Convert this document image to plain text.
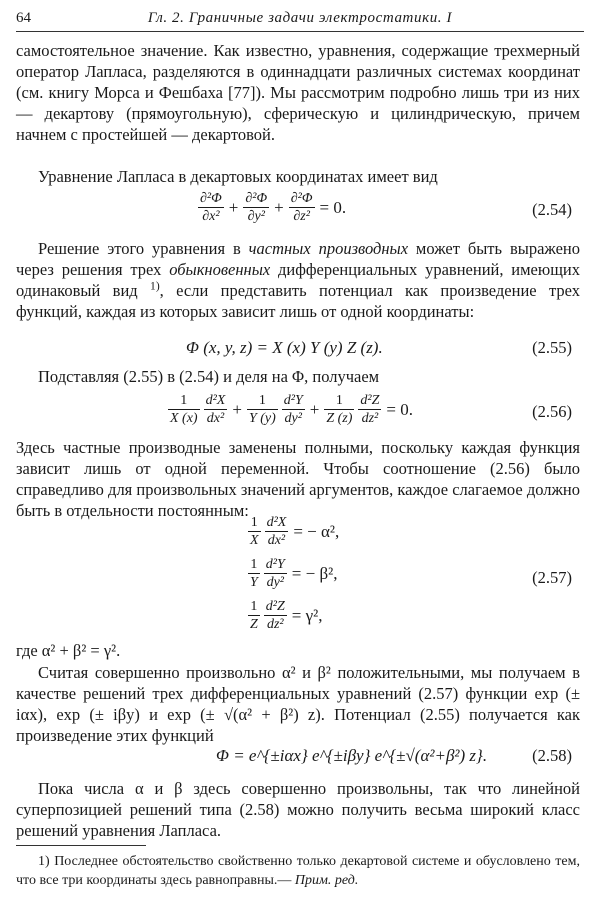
64	Гл. 2. Граничные задачи электростатики. I

самостоятельное значение. Как известно, уравнения, содержащие трехмерный оператор Лапласа, разделяются в одиннадцати различных системах координат (см. книгу Морса и Фешбаха [77]). Мы рассмотрим подробно лишь три из них — декартову (прямоугольную), сферическую и цилиндрическую, причем начнем с простейшей — декартовой.

Уравнение Лапласа в декартовых координатах имеет вид

$\frac{\text{∂²Φ}}{\text{∂x²}} + \frac{\text{∂²Φ}}{\text{∂y²}} + \frac{\text{∂²Φ}}{\text{∂z²}} = 0$.	(2.54)

Решение этого уравнения в частных производных может быть выражено через решения трех обыкновенных дифференциальных уравнений, имеющих одинаковый вид $^{1)}$, если представить потенциал как произведение трех функций, каждая из которых зависит лишь от одной координаты:

Φ (x, y, z) = X (x) Y (y) Z (z).	(2.55)

Подставляя (2.55) в (2.54) и деля на Φ, получаем

$\frac{1}{X (x)} \frac{\text{d²X}}{\text{dx²}} + \frac{1}{Y (y)} \frac{\text{d²Y}}{\text{dy²}} + \frac{1}{Z (z)} \frac{\text{d²Z}}{\text{dz²}} = 0$.	(2.56)

Здесь частные производные заменены полными, поскольку каждая функция зависит лишь от одной переменной. Чтобы соотношение (2.56) было справедливо для произвольных значений аргументов, каждое слагаемое должно быть в отдельности постоянным:

$\frac{1}{X} \frac{\text{d²X}}{\text{dx²}}$ = − α²,
$\frac{1}{Y} \frac{\text{d²Y}}{\text{dy²}}$ = − β²,
$\frac{1}{Z} \frac{\text{d²Z}}{\text{dz²}} = \gamma^2$,
(2.57)

где α² + β² = γ².

Считая совершенно произвольно α² и β² положительными, мы получаем в качестве решений трех дифференциальных уравнений (2.57) функции exp (± iαx), exp (± iβy) и exp (± √(α² + β²) z). Потенциал (2.55) получается как произведение этих функций

Φ = e^{±iαx} e^{±iβy} e^{±√(α²+β²) z}.	(2.58)

Пока числа α и β здесь совершенно произвольны, так что линейной суперпозицией решений типа (2.58) можно получить весьма широкий класс решений уравнения Лапласа.

1) Последнее обстоятельство свойственно только декартовой системе и обусловлено тем, что все три координаты здесь равноправны.— Прим. ред.
